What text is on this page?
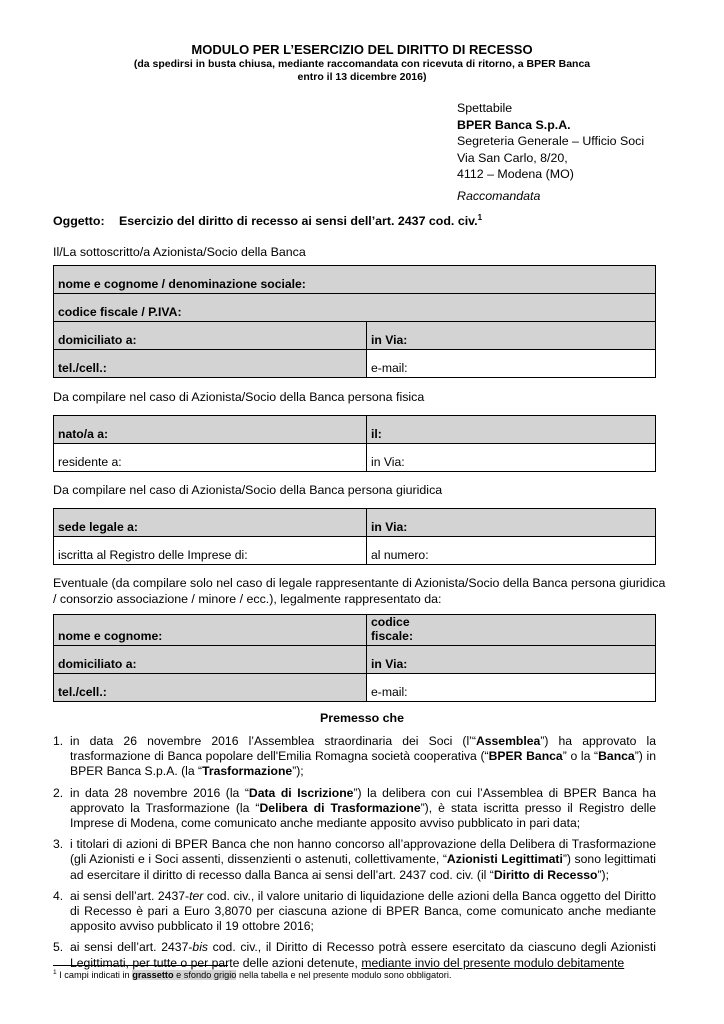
MODULO PER L’ESERCIZIO DEL DIRITTO DI RECESSO
(da spedirsi in busta chiusa, mediante raccomandata con ricevuta di ritorno, a BPER Banca
entro il 13 dicembre 2016)
Spettabile
BPER Banca S.p.A.
Segreteria Generale – Ufficio Soci
Via San Carlo, 8/20,
4112 – Modena (MO)
Raccomandata
Oggetto: Esercizio del diritto di recesso ai sensi dell’art. 2437 cod. civ.$^1$
Il/La sottoscritto/a Azionista/Socio della Banca
nome e cognome / denominazione sociale:	
codice fiscale / P.IVA:	
domiciliato a:	in Via:
tel./cell.:	e-mail:
Da compilare nel caso di Azionista/Socio della Banca persona fisica
nato/a a:	il:
residente a:	in Via:
Da compilare nel caso di Azionista/Socio della Banca persona giuridica
sede legale a:	in Via:
iscritta al Registro delle Imprese di:	al numero:
Eventuale (da compilare solo nel caso di legale rappresentante di Azionista/Socio della Banca persona giuridica
/ consorzio associazione / minore / ecc.), legalmente rappresentato da:
nome e cognome:	codice
fiscale:
domiciliato a:	in Via:
tel./cell.:	e-mail:
Premesso che
1. in data 26 novembre 2016 l’Assemblea straordinaria dei Soci (l’“Assemblea”) ha approvato la trasformazione di Banca popolare dell'Emilia Romagna società cooperativa (“BPER Banca” o la “Banca”) in BPER Banca S.p.A. (la “Trasformazione”);
2. in data 28 novembre 2016 (la “Data di Iscrizione”) la delibera con cui l’Assemblea di BPER Banca ha approvato la Trasformazione (la “Delibera di Trasformazione”), è stata iscritta presso il Registro delle Imprese di Modena, come comunicato anche mediante apposito avviso pubblicato in pari data;
3. i titolari di azioni di BPER Banca che non hanno concorso all’approvazione della Delibera di Trasformazione (gli Azionisti e i Soci assenti, dissenzienti o astenuti, collettivamente, “Azionisti Legittimati”) sono legittimati ad esercitare il diritto di recesso dalla Banca ai sensi dell’art. 2437 cod. civ. (il “Diritto di Recesso”);
4. ai sensi dell’art. 2437-ter cod. civ., il valore unitario di liquidazione delle azioni della Banca oggetto del Diritto di Recesso è pari a Euro 3,8070 per ciascuna azione di BPER Banca, come comunicato anche mediante apposito avviso pubblicato il 19 ottobre 2016;
5. ai sensi dell’art. 2437-bis cod. civ., il Diritto di Recesso potrà essere esercitato da ciascuno degli Azionisti Legittimati, per tutte o per parte delle azioni detenute, mediante invio del presente modulo debitamente
$^1$ I campi indicati in grassetto e sfondo grigio nella tabella e nel presente modulo sono obbligatori.
